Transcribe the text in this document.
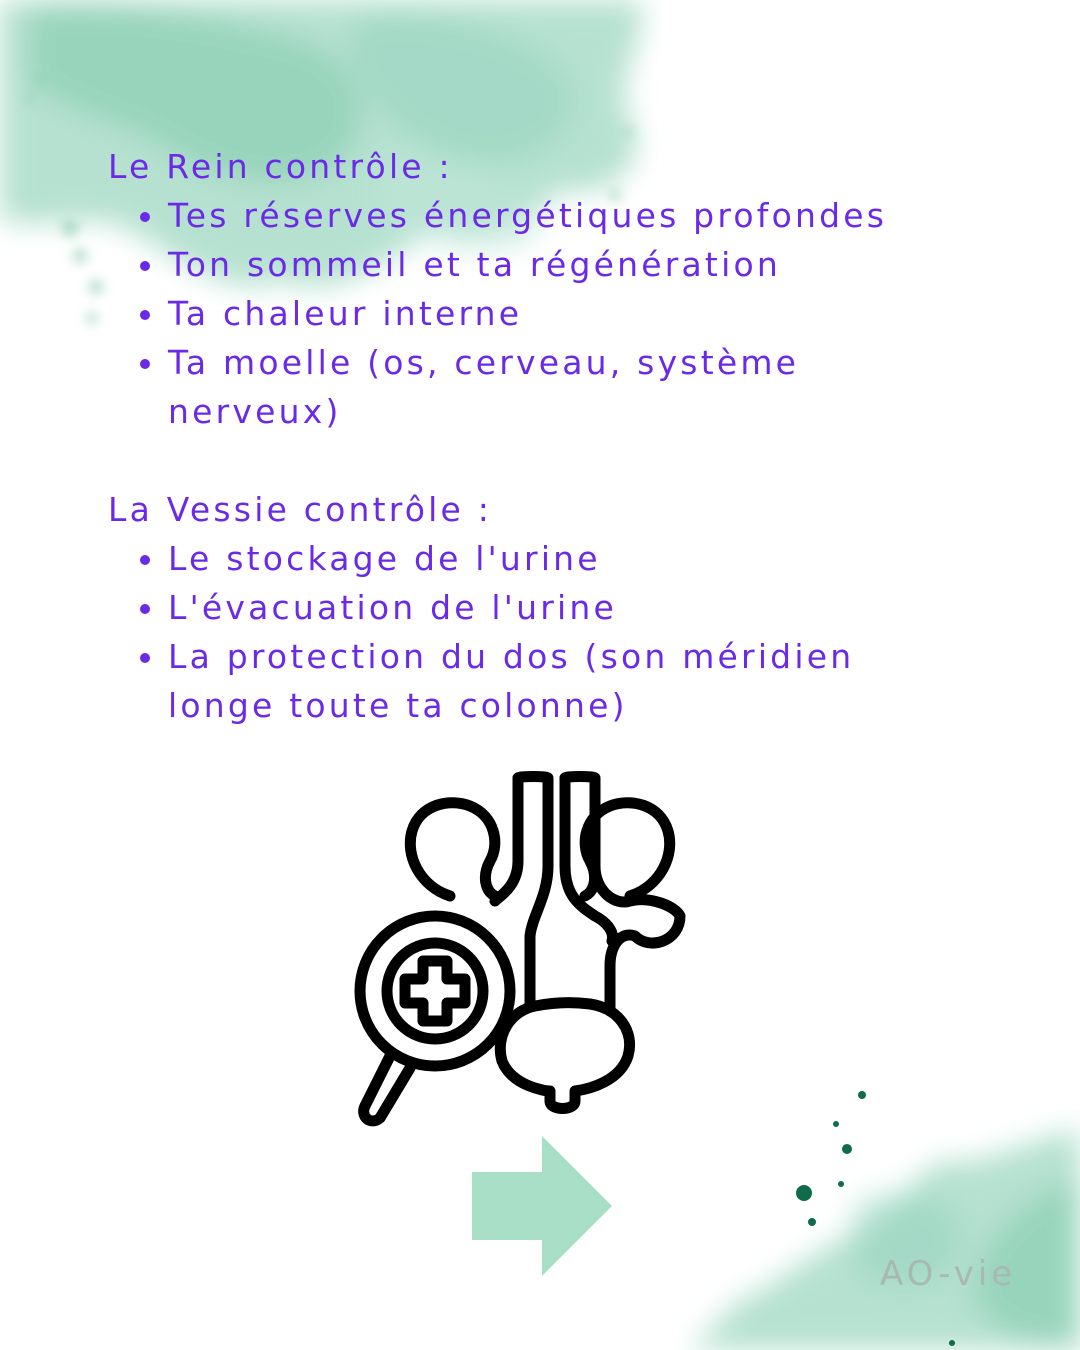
Le Rein contrôle :
Tes réserves énergétiques profondes
Ton sommeil et ta régénération
Ta chaleur interne
Ta moelle (os, cerveau, système nerveux)
La Vessie contrôle :
Le stockage de l'urine
L'évacuation de l'urine
La protection du dos (son méridien longe toute ta colonne)
AO-vie
